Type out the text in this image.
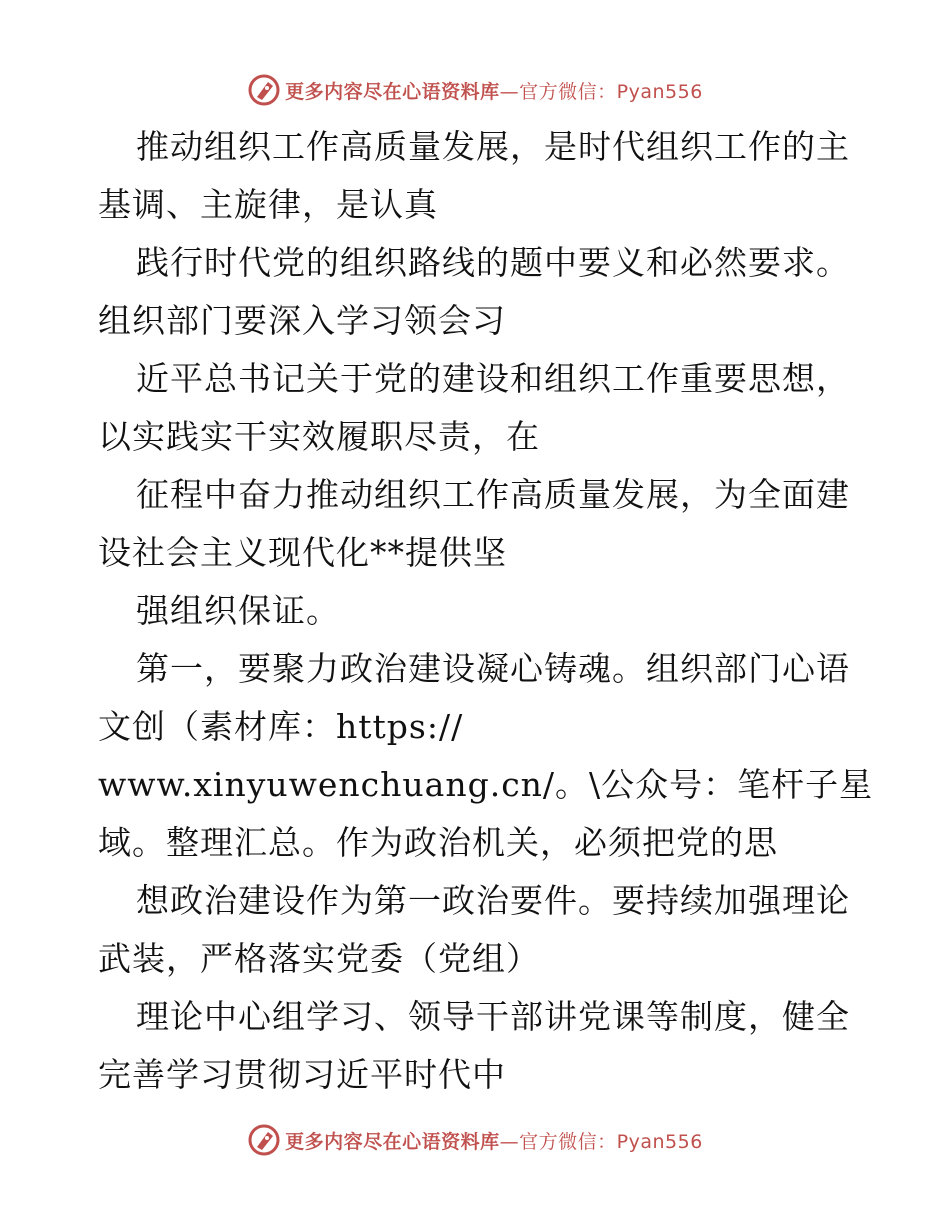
更多内容尽在心语资料库—官方微信：Pyan556
推动组织工作高质量发展，是时代组织工作的主
基调、主旋律，是认真
践行时代党的组织路线的题中要义和必然要求。
组织部门要深入学习领会习
近平总书记关于党的建设和组织工作重要思想，
以实践实干实效履职尽责，在
征程中奋力推动组织工作高质量发展，为全面建
设社会主义现代化**提供坚
强组织保证。
第一，要聚力政治建设凝心铸魂。组织部门心语
文创（素材库：https://
www.xinyuwenchuang.cn/。\公众号：笔杆子星
域。整理汇总。作为政治机关，必须把党的思
想政治建设作为第一政治要件。要持续加强理论
武装，严格落实党委（党组）
理论中心组学习、领导干部讲党课等制度，健全
完善学习贯彻习近平时代中
更多内容尽在心语资料库—官方微信：Pyan556
